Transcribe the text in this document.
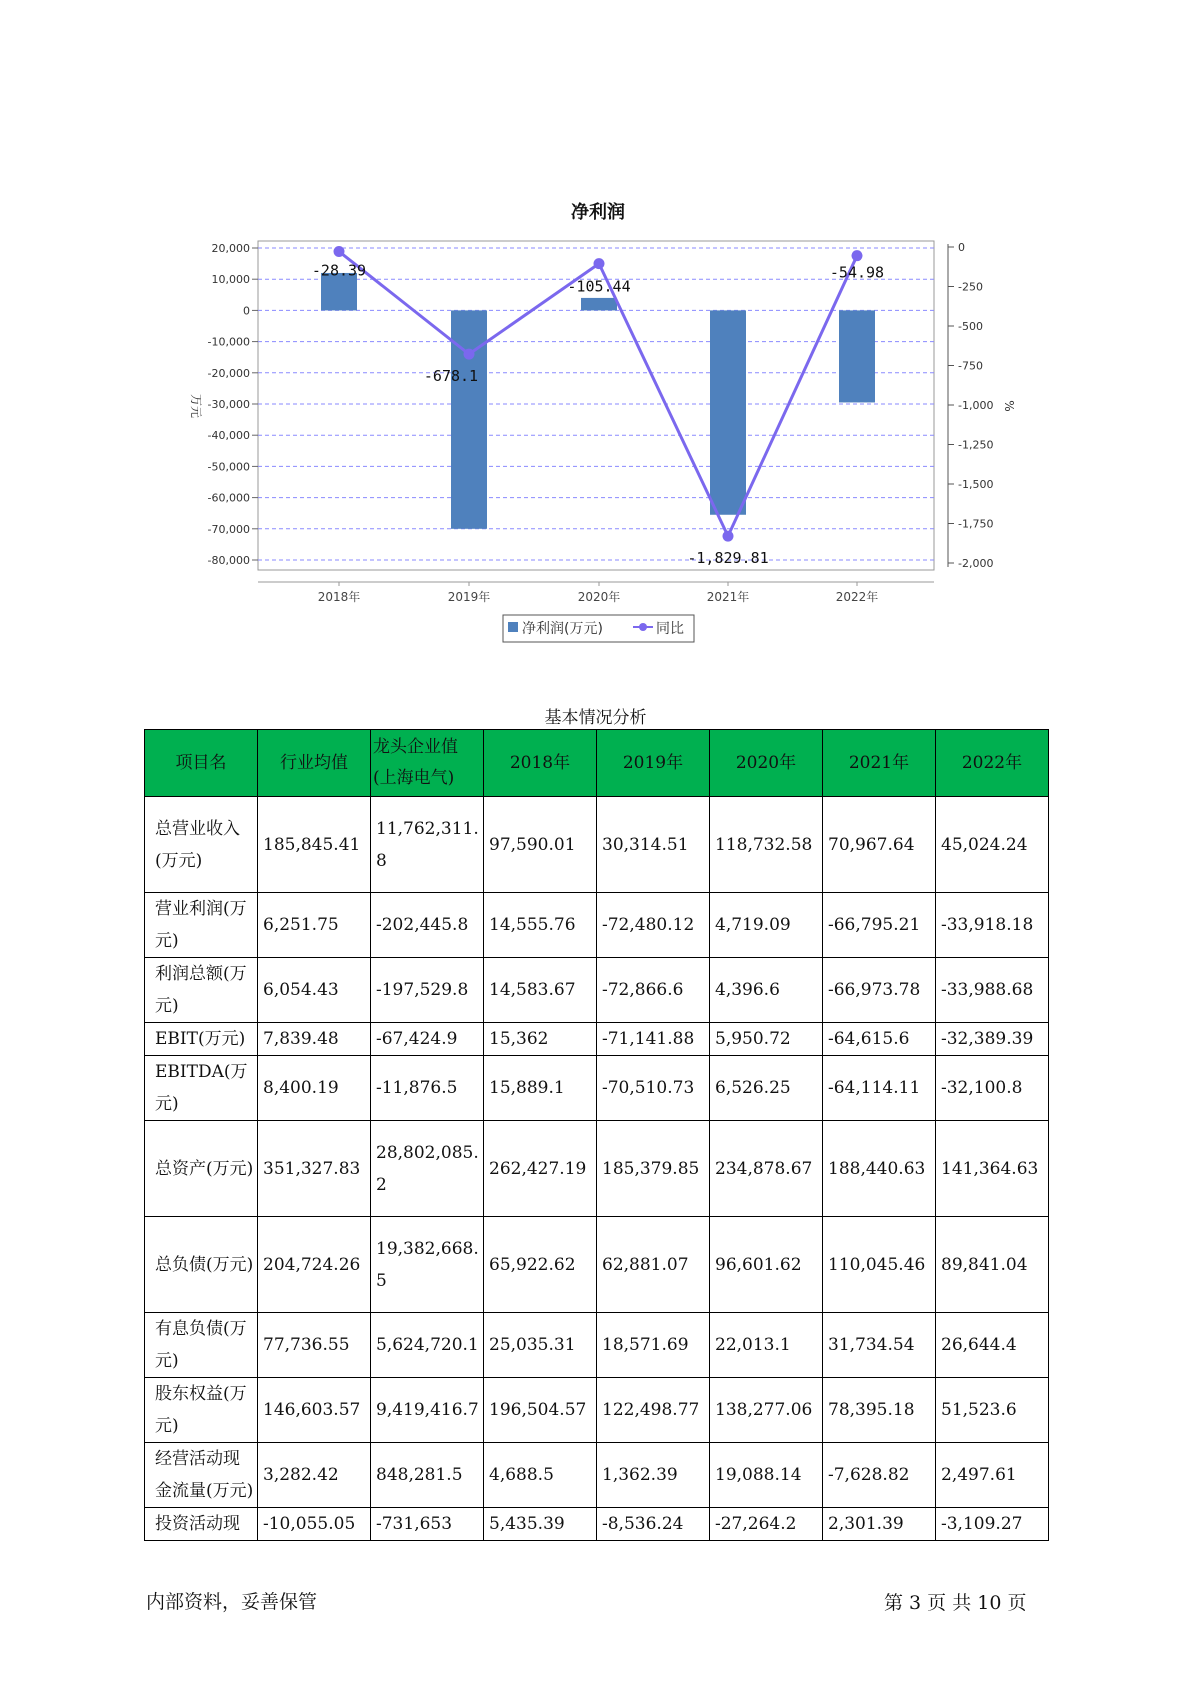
净利润
20,000
10,000
0
-10,000
-20,000
-30,000
-40,000
-50,000
-60,000
-70,000
-80,000
0
-250
-500
-750
-1,000
-1,250
-1,500
-1,750
-2,000
-28.39
-678.1
-105.44
-1,829.81
-54.98
2018年	2019年	2020年	2021年	2022年
万元	%
净利润(万元)	同比
基本情况分析
项目名	行业均值	龙头企业值(上海电气)	2018年	2019年	2020年	2021年	2022年
总营业收入(万元)	185,845.41	11,762,311.8	97,590.01	30,314.51	118,732.58	70,967.64	45,024.24
营业利润(万元)	6,251.75	-202,445.8	14,555.76	-72,480.12	4,719.09	-66,795.21	-33,918.18
利润总额(万元)	6,054.43	-197,529.8	14,583.67	-72,866.6	4,396.6	-66,973.78	-33,988.68
EBIT(万元)	7,839.48	-67,424.9	15,362	-71,141.88	5,950.72	-64,615.6	-32,389.39
EBITDA(万元)	8,400.19	-11,876.5	15,889.1	-70,510.73	6,526.25	-64,114.11	-32,100.8
总资产(万元)	351,327.83	28,802,085.2	262,427.19	185,379.85	234,878.67	188,440.63	141,364.63
总负债(万元)	204,724.26	19,382,668.5	65,922.62	62,881.07	96,601.62	110,045.46	89,841.04
有息负债(万元)	77,736.55	5,624,720.1	25,035.31	18,571.69	22,013.1	31,734.54	26,644.4
股东权益(万元)	146,603.57	9,419,416.7	196,504.57	122,498.77	138,277.06	78,395.18	51,523.6
经营活动现金流量(万元)	3,282.42	848,281.5	4,688.5	1,362.39	19,088.14	-7,628.82	2,497.61
投资活动现	-10,055.05	-731,653	5,435.39	-8,536.24	-27,264.2	2,301.39	-3,109.27
内部资料，妥善保管	第 3 页 共 10 页
